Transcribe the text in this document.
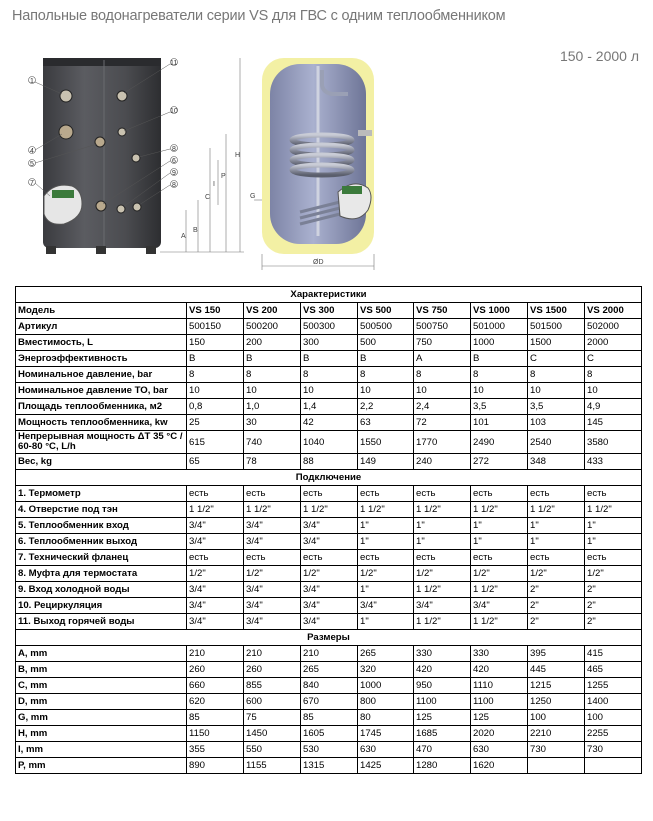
Напольные водонагреватели серии VS для ГВС с одним теплообменником
150 - 2000 л
1
4
5
7
11
10
8
6
9
8
A
B
C
I
P
H
G
ØD
Характеристики								
Модель	VS 150	VS 200	VS 300	VS 500	VS 750	VS 1000	VS 1500	VS 2000
Артикул	500150	500200	500300	500500	500750	501000	501500	502000
Вместимость, L	150	200	300	500	750	1000	1500	2000
Энергоэффективность	B	B	B	B	A	B	C	C
Номинальное давление, bar	8	8	8	8	8	8	8	8
Номинальное давление ТО, bar	10	10	10	10	10	10	10	10
Площадь теплообменника, м2	0,8	1,0	1,4	2,2	2,4	3,5	3,5	4,9
Мощность теплообменника, kw	25	30	42	63	72	101	103	145
Непрерывная мощность ΔT 35 °C / 60-80 °C, L/h	615	740	1040	1550	1770	2490	2540	3580
Вес, kg	65	78	88	149	240	272	348	433
Подключение								
1. Термометр	есть	есть	есть	есть	есть	есть	есть	есть
4. Отверстие под тэн	1 1/2"	1 1/2"	1 1/2"	1 1/2"	1 1/2"	1 1/2"	1 1/2"	1 1/2"
5. Теплообменник вход	3/4"	3/4"	3/4"	1"	1"	1"	1"	1"
6. Теплообменник выход	3/4"	3/4"	3/4"	1"	1"	1"	1"	1"
7. Технический фланец	есть	есть	есть	есть	есть	есть	есть	есть
8. Муфта для термостата	1/2"	1/2"	1/2"	1/2"	1/2"	1/2"	1/2"	1/2"
9. Вход холодной воды	3/4"	3/4"	3/4"	1"	1 1/2"	1 1/2"	2"	2"
10. Рециркуляция	3/4"	3/4"	3/4"	3/4"	3/4"	3/4"	2"	2"
11. Выход горячей воды	3/4"	3/4"	3/4"	1"	1 1/2"	1 1/2"	2"	2"
Размеры								
A, mm	210	210	210	265	330	330	395	415
B, mm	260	260	265	320	420	420	445	465
C, mm	660	855	840	1000	950	1110	1215	1255
D, mm	620	600	670	800	1100	1100	1250	1400
G, mm	85	75	85	80	125	125	100	100
H, mm	1150	1450	1605	1745	1685	2020	2210	2255
I, mm	355	550	530	630	470	630	730	730
P, mm	890	1155	1315	1425	1280	1620		
